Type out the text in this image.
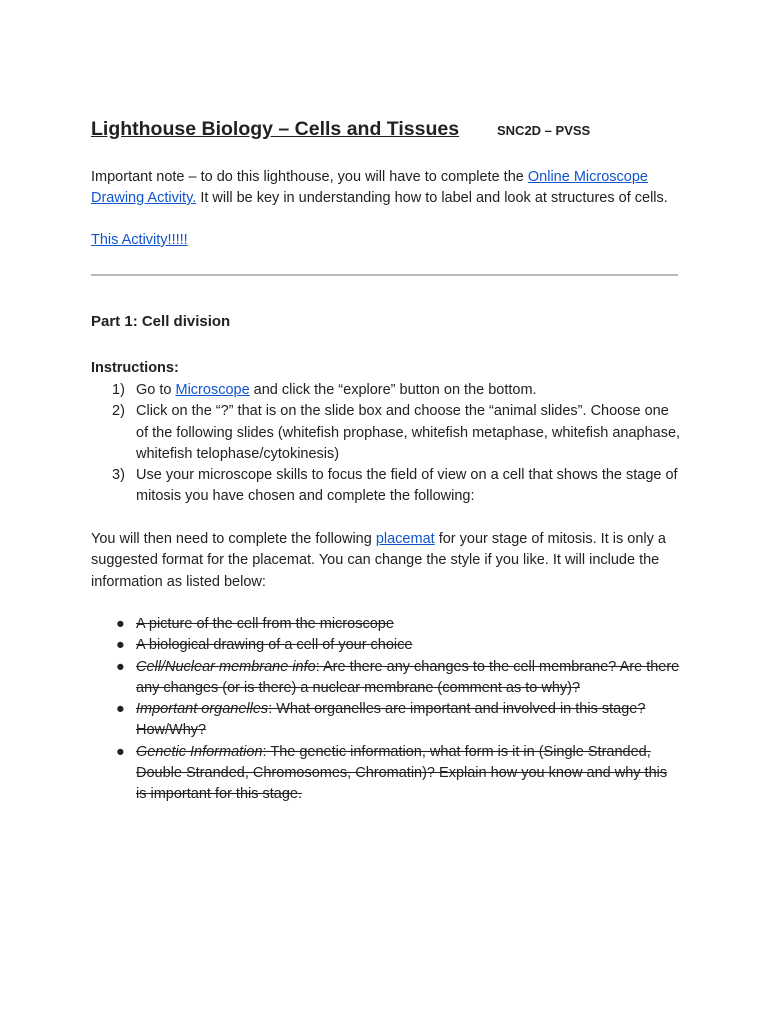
Lighthouse Biology – Cells and Tissues	SNC2D – PVSS

Important note – to do this lighthouse, you will have to complete the Online Microscope
Drawing Activity. It will be key in understanding how to label and look at structures of cells.

This Activity!!!!!

Part 1: Cell division
Instructions:
1) Go to Microscope and click the “explore” button on the bottom.
2) Click on the “?” that is on the slide box and choose the “animal slides”. Choose one of the following slides (whitefish prophase, whitefish metaphase, whitefish anaphase, whitefish telophase/cytokinesis)
3) Use your microscope skills to focus the field of view on a cell that shows the stage of mitosis you have chosen and complete the following:

You will then need to complete the following placemat for your stage of mitosis. It is only a suggested format for the placemat. You can change the style if you like. It will include the information as listed below:

● A picture of the cell from the microscope
● A biological drawing of a cell of your choice
● Cell/Nuclear membrane info: Are there any changes to the cell membrane? Are there any changes (or is there) a nuclear membrane (comment as to why)?
● Important organelles: What organelles are important and involved in this stage? How/Why?
● Genetic Information: The genetic information, what form is it in (Single Stranded, Double Stranded, Chromosomes, Chromatin)? Explain how you know and why this is important for this stage.
